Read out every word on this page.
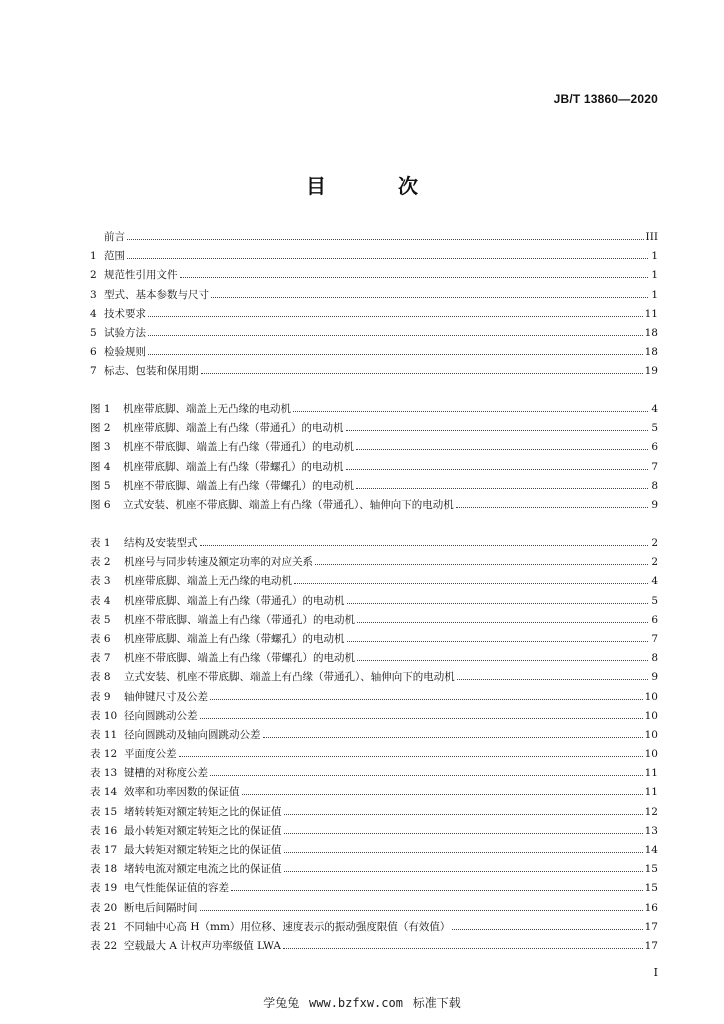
JB/T 13860—2020
目　次
前言	III
1 范围	1
2 规范性引用文件	1
3 型式、基本参数与尺寸	1
4 技术要求	11
5 试验方法	18
6 检验规则	18
7 标志、包装和保用期	19
图 1	机座带底脚、端盖上无凸缘的电动机	4
图 2	机座带底脚、端盖上有凸缘（带通孔）的电动机	5
图 3	机座不带底脚、端盖上有凸缘（带通孔）的电动机	6
图 4	机座带底脚、端盖上有凸缘（带螺孔）的电动机	7
图 5	机座不带底脚、端盖上有凸缘（带螺孔）的电动机	8
图 6	立式安装、机座不带底脚、端盖上有凸缘（带通孔）、轴伸向下的电动机	9
表 1	结构及安装型式	2
表 2	机座号与同步转速及额定功率的对应关系	2
表 3	机座带底脚、端盖上无凸缘的电动机	4
表 4	机座带底脚、端盖上有凸缘（带通孔）的电动机	5
表 5	机座不带底脚、端盖上有凸缘（带通孔）的电动机	6
表 6	机座带底脚、端盖上有凸缘（带螺孔）的电动机	7
表 7	机座不带底脚、端盖上有凸缘（带螺孔）的电动机	8
表 8	立式安装、机座不带底脚、端盖上有凸缘（带通孔）、轴伸向下的电动机	9
表 9	轴伸键尺寸及公差	10
表 10 径向圆跳动公差	10
表 11 径向圆跳动及轴向圆跳动公差	10
表 12 平面度公差	10
表 13 键槽的对称度公差	11
表 14 效率和功率因数的保证值	11
表 15 堵转转矩对额定转矩之比的保证值	12
表 16 最小转矩对额定转矩之比的保证值	13
表 17 最大转矩对额定转矩之比的保证值	14
表 18 堵转电流对额定电流之比的保证值	15
表 19 电气性能保证值的容差	15
表 20 断电后间隔时间	16
表 21 不同轴中心高 H（mm）用位移、速度表示的振动强度限值（有效值）	17
表 22 空载最大 A 计权声功率级值 LWA	17
I
学兔兔 www.bzfxw.com 标准下载
